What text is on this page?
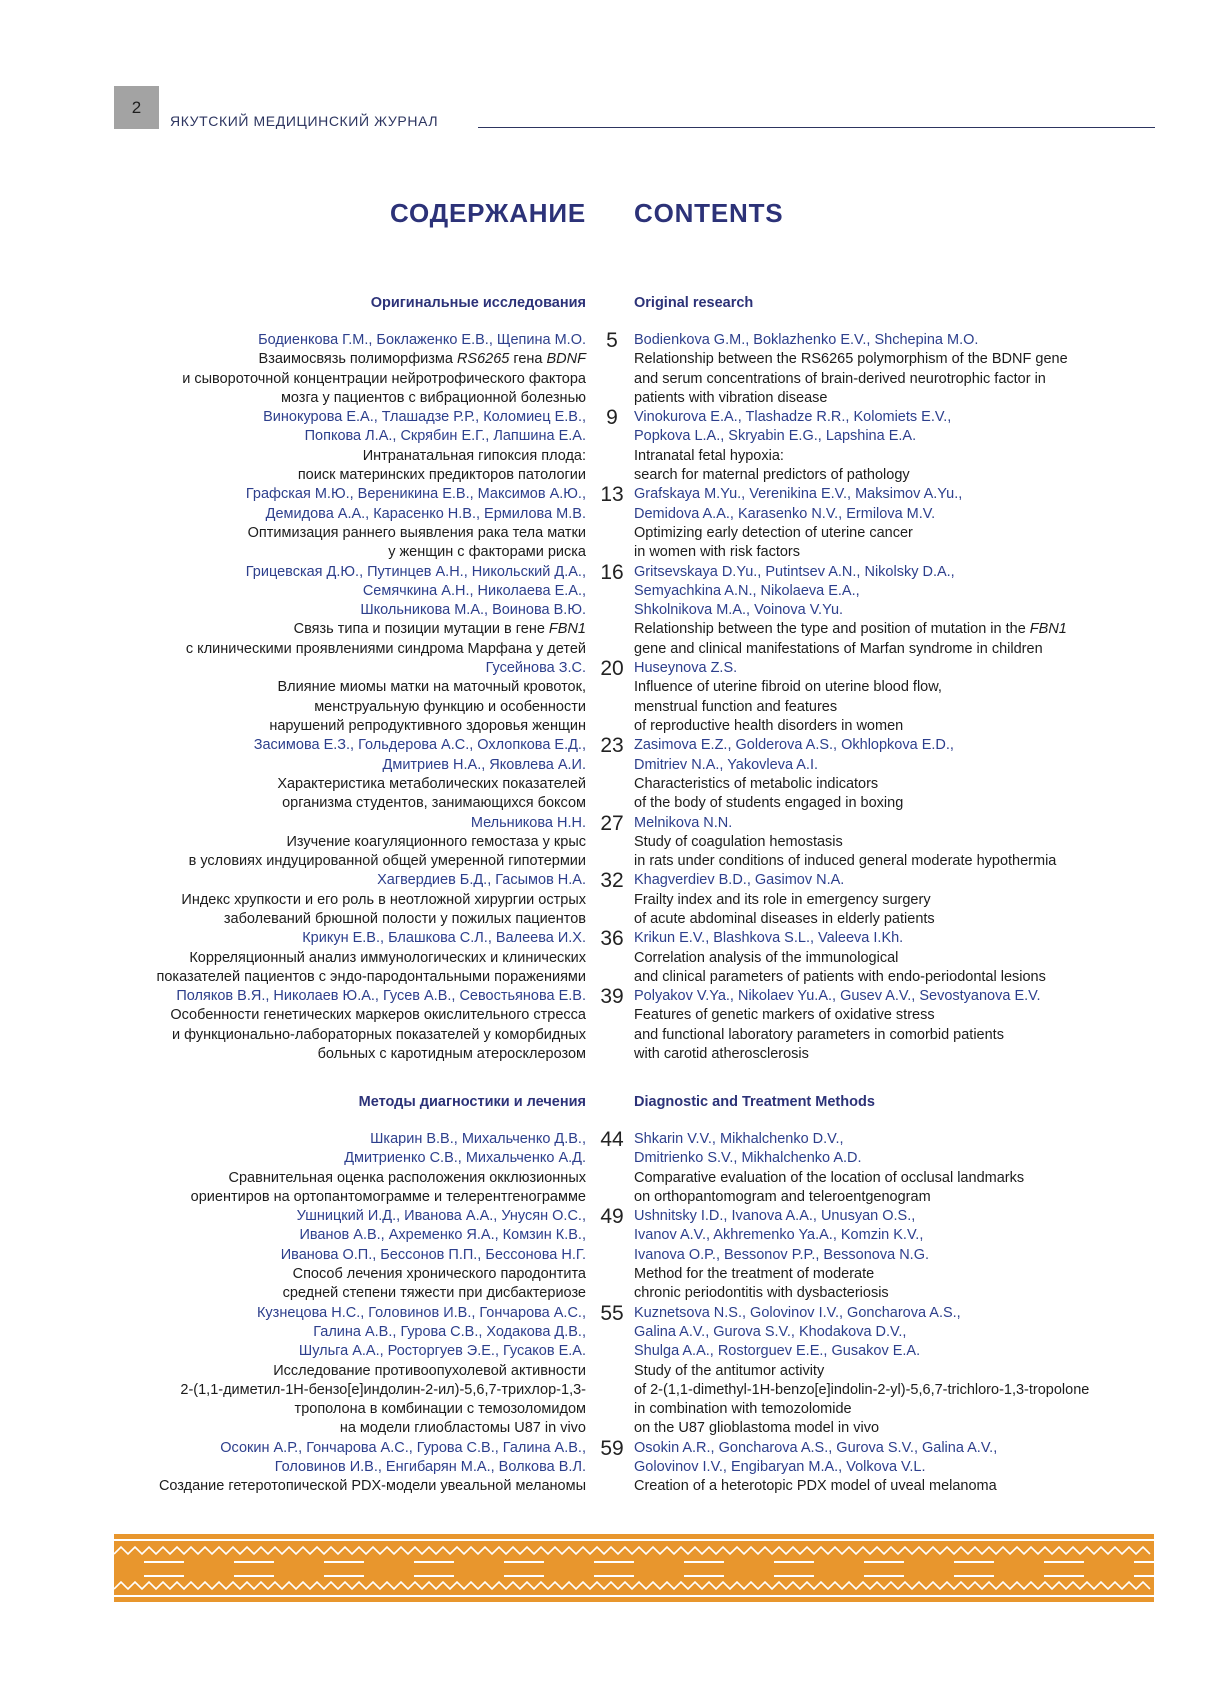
2
ЯКУТСКИЙ МЕДИЦИНСКИЙ ЖУРНАЛ
СОДЕРЖАНИЕ CONTENTS
Оригинальные исследования	Original research
5
Бодиенкова Г.М., Боклаженко Е.В., Щепина М.О.
Взаимосвязь полиморфизма RS6265 гена BDNF
и сывороточной концентрации нейротрофического фактора
мозга у пациентов с вибрационной болезнью
Bodienkova G.M., Boklazhenko E.V., Shchepina M.O.
Relationship between the RS6265 polymorphism of the BDNF gene
and serum concentrations of brain-derived neurotrophic factor in
patients with vibration disease
9
Винокурова Е.А., Тлашадзе Р.Р., Коломиец Е.В.,
Попкова Л.А., Скрябин Е.Г., Лапшина Е.А.
Интранатальная гипоксия плода:
поиск материнских предикторов патологии
Vinokurova E.A., Tlashadze R.R., Kolomiets E.V.,
Popkova L.A., Skryabin E.G., Lapshina E.A.
Intranatal fetal hypoxia:
search for maternal predictors of pathology
13
Графская М.Ю., Вереникина Е.В., Максимов А.Ю.,
Демидова А.А., Карасенко Н.В., Ермилова М.В.
Оптимизация раннего выявления рака тела матки
у женщин с факторами риска
Grafskaya M.Yu., Verenikina E.V., Maksimov A.Yu.,
Demidova A.A., Karasenko N.V., Ermilova M.V.
Optimizing early detection of uterine cancer
in women with risk factors
16
Грицевская Д.Ю., Путинцев А.Н., Никольский Д.А.,
Семячкина А.Н., Николаева Е.А.,
Школьникова М.А., Воинова В.Ю.
Связь типа и позиции мутации в гене FBN1
с клиническими проявлениями синдрома Марфана у детей
Gritsevskaya D.Yu., Putintsev A.N., Nikolsky D.A.,
Semyachkina A.N., Nikolaeva E.A.,
Shkolnikova M.A., Voinova V.Yu.
Relationship between the type and position of mutation in the FBN1
gene and clinical manifestations of Marfan syndrome in children
20
Гусейнова З.С.
Влияние миомы матки на маточный кровоток,
менструальную функцию и особенности
нарушений репродуктивного здоровья женщин
Huseynova Z.S.
Influence of uterine fibroid on uterine blood flow,
menstrual function and features
of reproductive health disorders in women
23
Засимова Е.З., Гольдерова А.С., Охлопкова Е.Д.,
Дмитриев Н.А., Яковлева А.И.
Характеристика метаболических показателей
организма студентов, занимающихся боксом
Zasimova E.Z., Golderova A.S., Okhlopkova E.D.,
Dmitriev N.A., Yakovleva A.I.
Characteristics of metabolic indicators
of the body of students engaged in boxing
27
Мельникова Н.Н.
Изучение коагуляционного гемостаза у крыс
в условиях индуцированной общей умеренной гипотермии
Melnikova N.N.
Study of coagulation hemostasis
in rats under conditions of induced general moderate hypothermia
32
Хагвердиев Б.Д., Гасымов Н.А.
Индекс хрупкости и его роль в неотложной хирургии острых
заболеваний брюшной полости у пожилых пациентов
Khagverdiev B.D., Gasimov N.A.
Frailty index and its role in emergency surgery
of acute abdominal diseases in elderly patients
36
Крикун Е.В., Блашкова С.Л., Валеева И.Х.
Корреляционный анализ иммунологических и клинических
показателей пациентов с эндо-пародонтальными поражениями
Krikun E.V., Blashkova S.L., Valeeva I.Kh.
Correlation analysis of the immunological
and clinical parameters of patients with endo-periodontal lesions
39
Поляков В.Я., Николаев Ю.А., Гусев А.В., Севостьянова Е.В.
Особенности генетических маркеров окислительного стресса
и функционально-лабораторных показателей у коморбидных
больных с каротидным атеросклерозом
Polyakov V.Ya., Nikolaev Yu.A., Gusev A.V., Sevostyanova E.V.
Features of genetic markers of oxidative stress
and functional laboratory parameters in comorbid patients
with carotid atherosclerosis
Методы диагностики и лечения	Diagnostic and Treatment Methods
44
Шкарин В.В., Михальченко Д.В.,
Дмитриенко С.В., Михальченко А.Д.
Сравнительная оценка расположения окклюзионных
ориентиров на ортопантомограмме и телерентгенограмме
Shkarin V.V., Mikhalchenko D.V.,
Dmitrienko S.V., Mikhalchenko A.D.
Comparative evaluation of the location of occlusal landmarks
on orthopantomogram and teleroentgenogram
49
Ушницкий И.Д., Иванова А.А., Унусян О.С.,
Иванов А.В., Ахременко Я.А., Комзин К.В.,
Иванова О.П., Бессонов П.П., Бессонова Н.Г.
Способ лечения хронического пародонтита
средней степени тяжести при дисбактериозе
Ushnitsky I.D., Ivanova A.A., Unusyan O.S.,
Ivanov A.V., Akhremenko Ya.A., Komzin K.V.,
Ivanova O.P., Bessonov P.P., Bessonova N.G.
Method for the treatment of moderate
chronic periodontitis with dysbacteriosis
55
Кузнецова Н.С., Головинов И.В., Гончарова А.С.,
Галина А.В., Гурова С.В., Ходакова Д.В.,
Шульга А.А., Росторгуев Э.Е., Гусаков Е.А.
Исследование противоопухолевой активности
2-(1,1-диметил-1Н-бензо[е]индолин-2-ил)-5,6,7-трихлор-1,3-
трополона в комбинации с темозоломидом
на модели глиобластомы U87 in vivo
Kuznetsova N.S., Golovinov I.V., Goncharova A.S.,
Galina A.V., Gurova S.V., Khodakova D.V.,
Shulga A.A., Rostorguev E.E., Gusakov E.A.
Study of the antitumor activity
of 2-(1,1-dimethyl-1H-benzo[e]indolin-2-yl)-5,6,7-trichloro-1,3-tropolone
in combination with temozolomide
on the U87 glioblastoma model in vivo
59
Осокин А.Р., Гончарова А.С., Гурова С.В., Галина А.В.,
Головинов И.В., Енгибарян М.А., Волкова В.Л.
Создание гетеротопической PDX-модели увеальной меланомы
Osokin A.R., Goncharova A.S., Gurova S.V., Galina A.V.,
Golovinov I.V., Engibaryan M.A., Volkova V.L.
Creation of a heterotopic PDX model of uveal melanoma
